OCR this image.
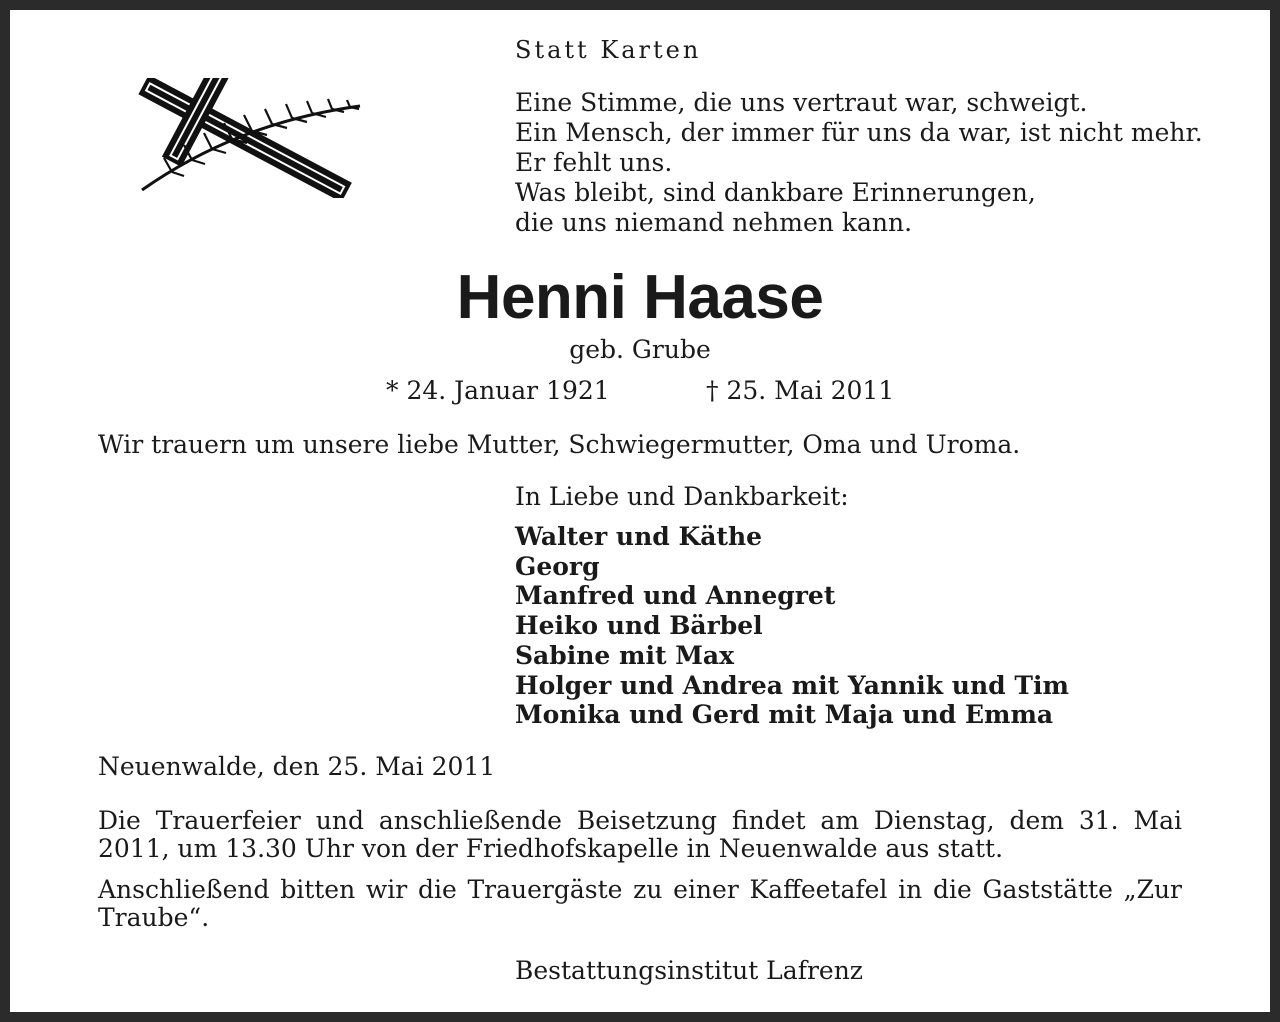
Statt Karten
Eine Stimme, die uns vertraut war, schweigt.
Ein Mensch, der immer für uns da war, ist nicht mehr.
Er fehlt uns.
Was bleibt, sind dankbare Erinnerungen,
die uns niemand nehmen kann.
Henni Haase
geb. Grube
* 24. Januar 1921	† 25. Mai 2011
Wir trauern um unsere liebe Mutter, Schwiegermutter, Oma und Uroma.
In Liebe und Dankbarkeit:
Walter und Käthe
Georg
Manfred und Annegret
Heiko und Bärbel
Sabine mit Max
Holger und Andrea mit Yannik und Tim
Monika und Gerd mit Maja und Emma
Neuenwalde, den 25. Mai 2011
Die Trauerfeier und anschließende Beisetzung findet am Dienstag, dem 31. Mai 2011, um 13.30 Uhr von der Friedhofskapelle in Neuenwalde aus statt.
Anschließend bitten wir die Trauergäste zu einer Kaffeetafel in die Gaststätte „Zur Traube“.
Bestattungsinstitut Lafrenz
